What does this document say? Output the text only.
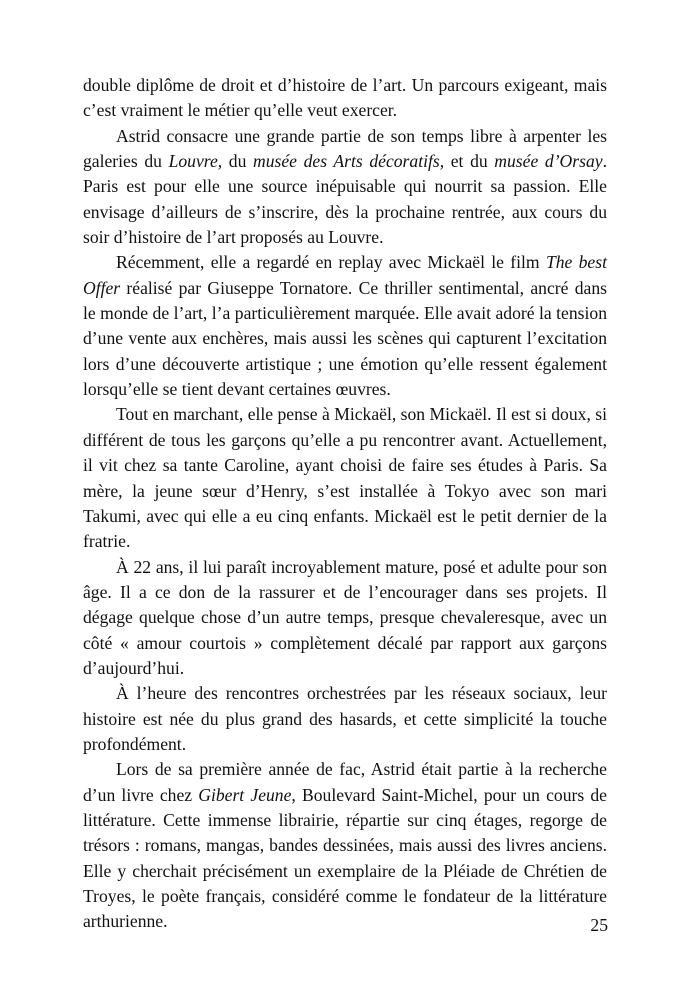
double diplôme de droit et d’histoire de l’art. Un parcours exigeant, mais c’est vraiment le métier qu’elle veut exercer.

Astrid consacre une grande partie de son temps libre à arpenter les galeries du Louvre, du musée des Arts décoratifs, et du musée d’Orsay. Paris est pour elle une source inépuisable qui nourrit sa passion. Elle envisage d’ailleurs de s’inscrire, dès la prochaine rentrée, aux cours du soir d’histoire de l’art proposés au Louvre.

Récemment, elle a regardé en replay avec Mickaël le film The best Offer réalisé par Giuseppe Tornatore. Ce thriller sentimental, ancré dans le monde de l’art, l’a particulièrement marquée. Elle avait adoré la tension d’une vente aux enchères, mais aussi les scènes qui capturent l’excitation lors d’une découverte artistique ; une émotion qu’elle ressent également lorsqu’elle se tient devant certaines œuvres.

Tout en marchant, elle pense à Mickaël, son Mickaël. Il est si doux, si différent de tous les garçons qu’elle a pu rencontrer avant. Actuellement, il vit chez sa tante Caroline, ayant choisi de faire ses études à Paris. Sa mère, la jeune sœur d’Henry, s’est installée à Tokyo avec son mari Takumi, avec qui elle a eu cinq enfants. Mickaël est le petit dernier de la fratrie.

À 22 ans, il lui paraît incroyablement mature, posé et adulte pour son âge. Il a ce don de la rassurer et de l’encourager dans ses projets. Il dégage quelque chose d’un autre temps, presque chevaleresque, avec un côté « amour courtois » complètement décalé par rapport aux garçons d’aujourd’hui.

À l’heure des rencontres orchestrées par les réseaux sociaux, leur histoire est née du plus grand des hasards, et cette simplicité la touche profondément.

Lors de sa première année de fac, Astrid était partie à la recherche d’un livre chez Gibert Jeune, Boulevard Saint-Michel, pour un cours de littérature. Cette immense librairie, répartie sur cinq étages, regorge de trésors : romans, mangas, bandes dessinées, mais aussi des livres anciens. Elle y cherchait précisément un exemplaire de la Pléiade de Chrétien de Troyes, le poète français, considéré comme le fondateur de la littérature arthurienne.	25
